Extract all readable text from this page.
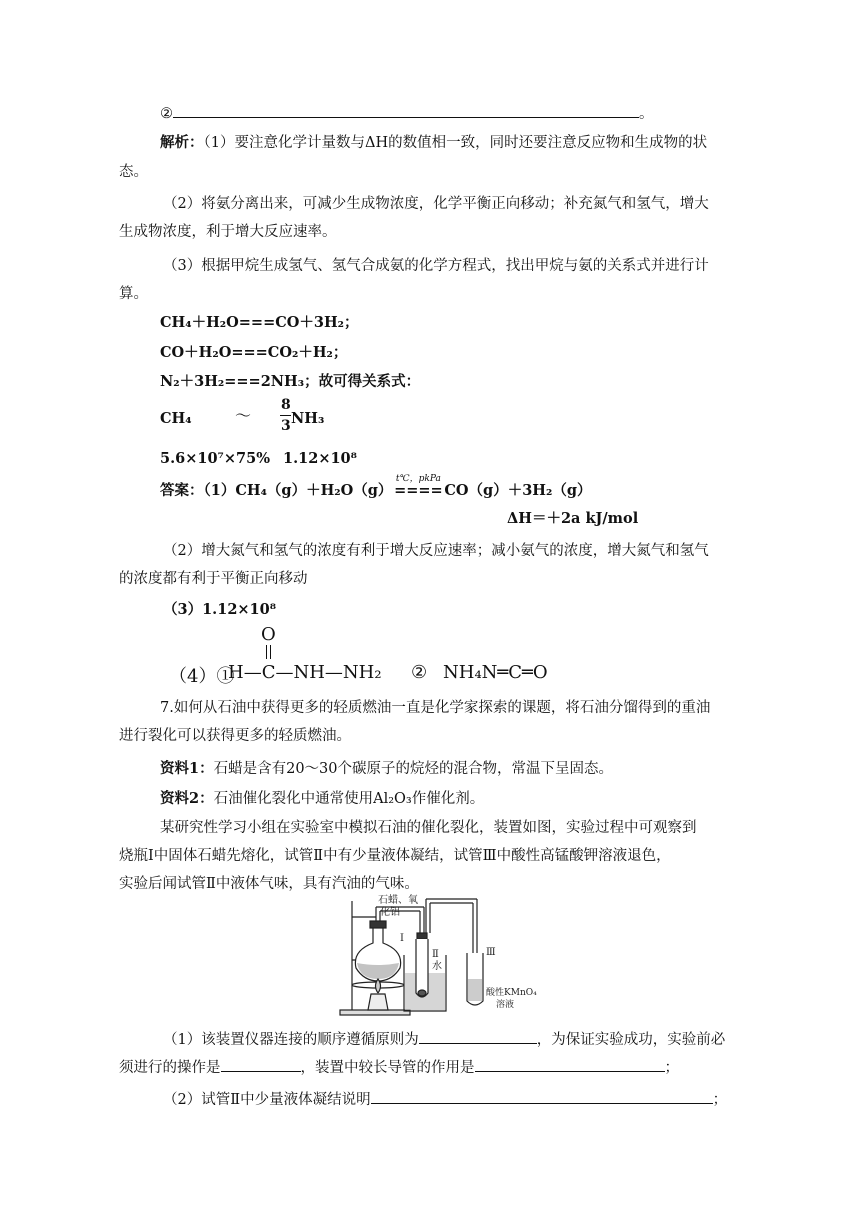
②	。
解析：（1）要注意化学计量数与ΔH的数值相一致，同时还要注意反应物和生成物的状
态。
（2）将氨分离出来，可减少生成物浓度，化学平衡正向移动；补充氮气和氢气，增大
生成物浓度，利于增大反应速率。
（3）根据甲烷生成氢气、氢气合成氨的化学方程式，找出甲烷与氨的关系式并进行计
算。
CH₄＋H₂O===CO＋3H₂；
CO＋H₂O===CO₂＋H₂；
N₂＋3H₂===2NH₃；故可得关系式：
CH₄	～
8
3 NH₃
5.6×10⁷×75% 1.12×10⁸
答案：（1）CH₄（g）＋H₂O（g）
t℃，pkPa
==== CO（g）＋3H₂（g）
ΔH＝＋2a kJ/mol
（2）增大氮气和氢气的浓度有利于增大反应速率；减小氨气的浓度，增大氮气和氢气
的浓度都有利于平衡正向移动
（3）1.12×10⁸
O
（4）①
H—C—NH—NH₂ ② NH₄N═C═O
7.如何从石油中获得更多的轻质燃油一直是化学家探索的课题，将石油分馏得到的重油
进行裂化可以获得更多的轻质燃油。
资料1：石蜡是含有20～30个碳原子的烷烃的混合物，常温下呈固态。
资料2：石油催化裂化中通常使用Al₂O₃作催化剂。
某研究性学习小组在实验室中模拟石油的催化裂化，装置如图，实验过程中可观察到
烧瓶Ⅰ中固体石蜡先熔化，试管Ⅱ中有少量液体凝结，试管Ⅲ中酸性高锰酸钾溶液退色，
实验后闻试管Ⅱ中液体气味，具有汽油的气味。
石蜡、氧
化铝
Ⅰ
Ⅱ
水
Ⅲ
酸性KMnO₄
溶液
（1）该装置仪器连接的顺序遵循原则为	，为保证实验成功，实验前必
须进行的操作是	，装置中较长导管的作用是	；
（2）试管Ⅱ中少量液体凝结说明	；
